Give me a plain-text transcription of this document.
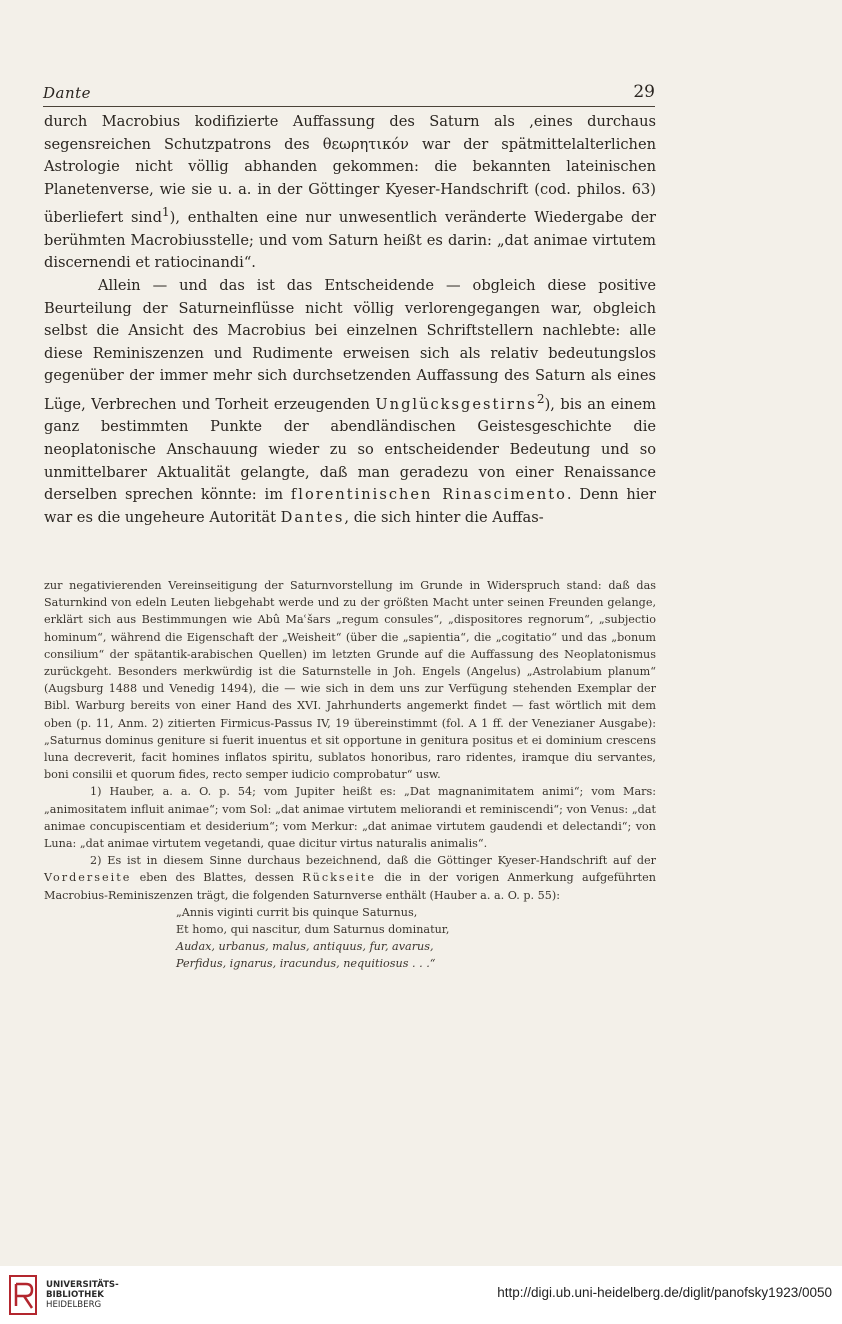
Dante	29

durch Macrobius kodifizierte Auffassung des Saturn als ,eines durchaus segensreichen Schutzpatrons des θεωρητικόν war der spätmittelalterlichen Astrologie nicht völlig abhanden gekommen: die bekannten lateinischen Planetenverse, wie sie u. a. in der Göttinger Kyeser-Handschrift (cod. philos. 63) überliefert sind$^1$), enthalten eine nur unwesentlich veränderte Wiedergabe der berühmten Macrobiusstelle; und vom Saturn heißt es darin: „dat animae virtutem discernendi et ratiocinandi“.

Allein — und das ist das Entscheidende — obgleich diese positive Beurteilung der Saturneinflüsse nicht völlig verlorengegangen war, obgleich selbst die Ansicht des Macrobius bei einzelnen Schriftstellern nachlebte: alle diese Reminiszenzen und Rudimente erweisen sich als relativ bedeutungslos gegenüber der immer mehr sich durchsetzenden Auffassung des Saturn als eines Lüge, Verbrechen und Torheit erzeugenden Unglücksgestirns$^2$), bis an einem ganz bestimmten Punkte der abendländischen Geistesgeschichte die neoplatonische Anschauung wieder zu so entscheidender Bedeutung und so unmittelbarer Aktualität gelangte, daß man geradezu von einer Renaissance derselben sprechen könnte: im florentinischen Rinascimento. Denn hier war es die ungeheure Autorität Dantes, die sich hinter die Auffas-

zur negativierenden Vereinseitigung der Saturnvorstellung im Grunde in Widerspruch stand: daß das Saturnkind von edeln Leuten liebgehabt werde und zu der größten Macht unter seinen Freunden gelange, erklärt sich aus Bestimmungen wie Abû Maʿšars „regum consules“, „dispositores regnorum“, „subjectio hominum“, während die Eigenschaft der „Weisheit“ (über die „sapientia“, die „cogitatio“ und das „bonum consilium“ der spätantik-arabischen Quellen) im letzten Grunde auf die Auffassung des Neoplatonismus zurückgeht. Besonders merkwürdig ist die Saturnstelle in Joh. Engels (Angelus) „Astrolabium planum“ (Augsburg 1488 und Venedig 1494), die — wie sich in dem uns zur Verfügung stehenden Exemplar der Bibl. Warburg bereits von einer Hand des XVI. Jahrhunderts angemerkt findet — fast wörtlich mit dem oben (p. 11, Anm. 2) zitierten Firmicus-Passus IV, 19 übereinstimmt (fol. A 1 ff. der Venezianer Ausgabe): „Saturnus dominus geniture si fuerit inuentus et sit opportune in genitura positus et ei dominium crescens luna decreverit, facit homines inflatos spiritu, sublatos honoribus, raro ridentes, iramque diu servantes, boni consilii et quorum fides, recto semper iudicio comprobatur“ usw.

1) Hauber, a. a. O. p. 54; vom Jupiter heißt es: „Dat magnanimitatem animi“; vom Mars: „animositatem influit animae“; vom Sol: „dat animae virtutem meliorandi et reminiscendi“; von Venus: „dat animae concupiscentiam et desiderium“; vom Merkur: „dat animae virtutem gaudendi et delectandi“; von Luna: „dat animae virtutem vegetandi, quae dicitur virtus naturalis animalis“.

2) Es ist in diesem Sinne durchaus bezeichnend, daß die Göttinger Kyeser-Handschrift auf der Vorderseite eben des Blattes, dessen Rückseite die in der vorigen Anmerkung aufgeführten Macrobius-Reminiszenzen trägt, die folgenden Saturnverse enthält (Hauber a. a. O. p. 55):

„Annis viginti currit bis quinque Saturnus,
Et homo, qui nascitur, dum Saturnus dominatur,
Audax, urbanus, malus, antiquus, fur, avarus,
Perfidus, ignarus, iracundus, nequitiosus . . .“
UNIVERSITÄTS-
BIBLIOTHEK
HEIDELBERG
http://digi.ub.uni-heidelberg.de/diglit/panofsky1923/0050
